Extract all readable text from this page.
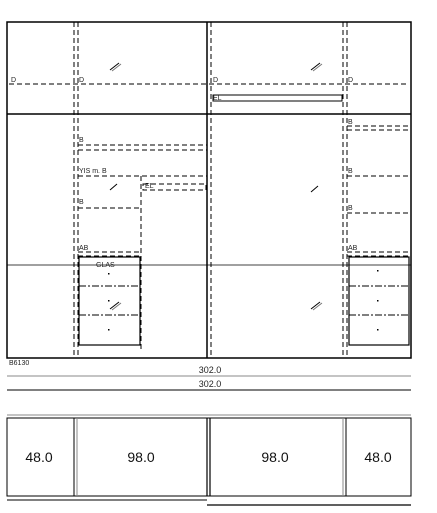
D	D	D	D
EL
B
YIS m. B
EL
B
B
B
B
AB	AB
GLAS
B6130
302.0
302.0
48.0	98.0	98.0	48.0
